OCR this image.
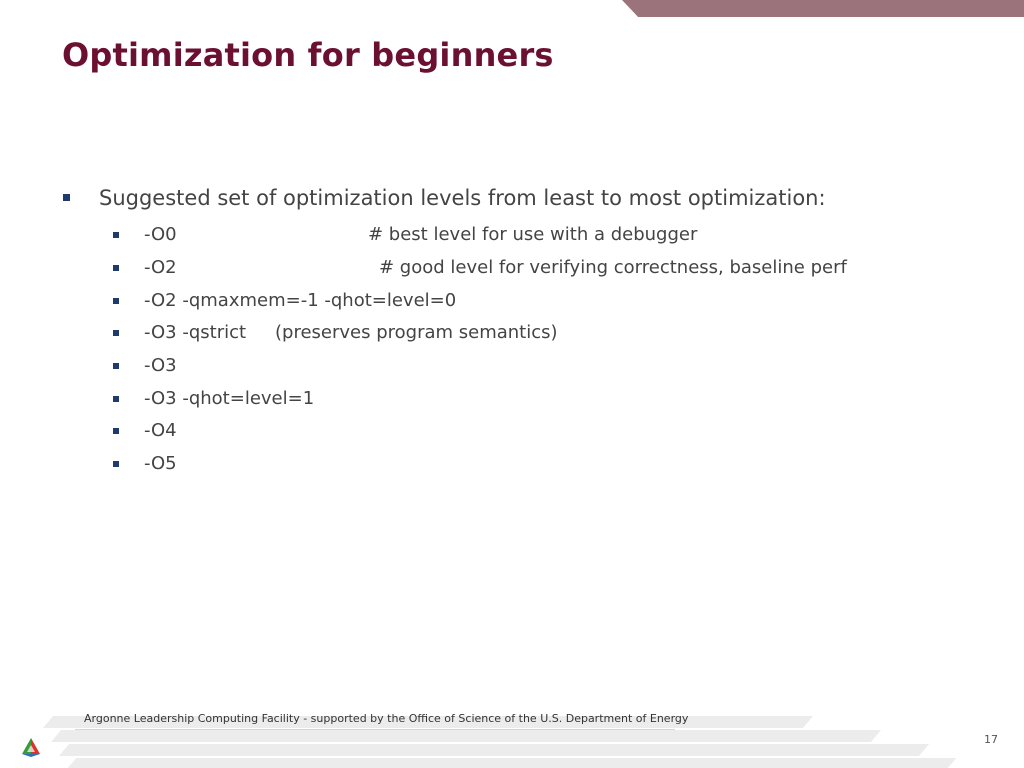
Optimization for beginners
Suggested set of optimization levels from least to most optimization:
-O0	# best level for use with a debugger
-O2	# good level for verifying correctness, baseline perf
-O2 -qmaxmem=-1 -qhot=level=0
-O3 -qstrict (preserves program semantics)
-O3
-O3 -qhot=level=1
-O4
-O5
Argonne Leadership Computing Facility - supported by the Office of Science of the U.S. Department of Energy
17
